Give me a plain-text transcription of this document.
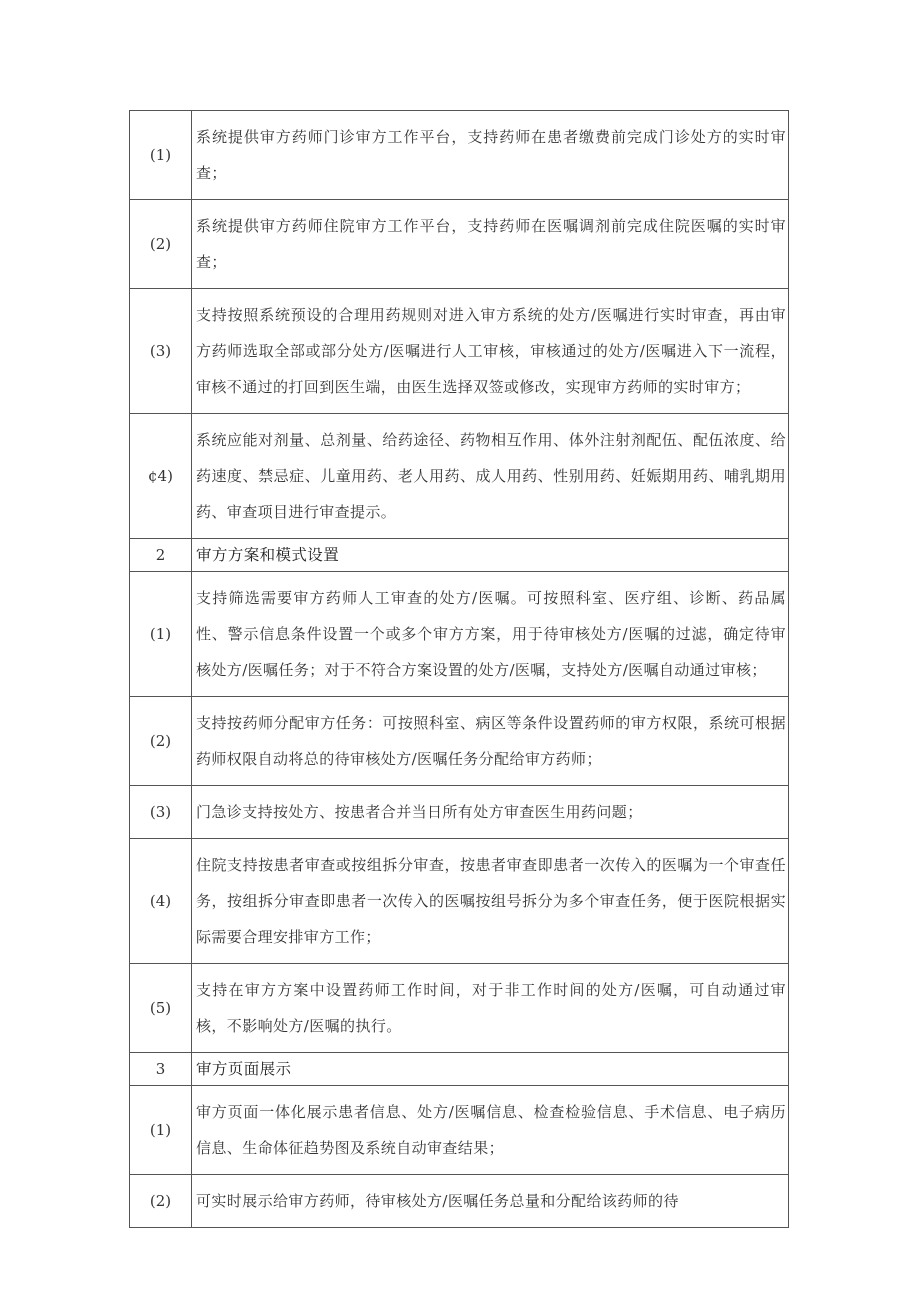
(1)	系统提供审方药师门诊审方工作平台，支持药师在患者缴费前完成门诊处方的实时审查；
(2)	系统提供审方药师住院审方工作平台，支持药师在医嘱调剂前完成住院医嘱的实时审查；
(3)	支持按照系统预设的合理用药规则对进入审方系统的处方/医嘱进行实时审查，再由审方药师选取全部或部分处方/医嘱进行人工审核，审核通过的处方/医嘱进入下一流程，审核不通过的打回到医生端，由医生选择双签或修改，实现审方药师的实时审方；
¢4)	系统应能对剂量、总剂量、给药途径、药物相互作用、体外注射剂配伍、配伍浓度、给药速度、禁忌症、儿童用药、老人用药、成人用药、性别用药、妊娠期用药、哺乳期用药、审查项目进行审查提示。
2	审方方案和模式设置
(1)	支持筛选需要审方药师人工审查的处方/医嘱。可按照科室、医疗组、诊断、药品属性、警示信息条件设置一个或多个审方方案，用于待审核处方/医嘱的过滤，确定待审核处方/医嘱任务；对于不符合方案设置的处方/医嘱，支持处方/医嘱自动通过审核；
(2)	支持按药师分配审方任务：可按照科室、病区等条件设置药师的审方权限，系统可根据药师权限自动将总的待审核处方/医嘱任务分配给审方药师；
(3)	门急诊支持按处方、按患者合并当日所有处方审查医生用药问题；
(4)	住院支持按患者审查或按组拆分审查，按患者审查即患者一次传入的医嘱为一个审查任务，按组拆分审查即患者一次传入的医嘱按组号拆分为多个审查任务，便于医院根据实际需要合理安排审方工作；
(5)	支持在审方方案中设置药师工作时间，对于非工作时间的处方/医嘱，可自动通过审核，不影响处方/医嘱的执行。
3	审方页面展示
(1)	审方页面一体化展示患者信息、处方/医嘱信息、检查检验信息、手术信息、电子病历信息、生命体征趋势图及系统自动审查结果；
(2)	可实时展示给审方药师，待审核处方/医嘱任务总量和分配给该药师的待
